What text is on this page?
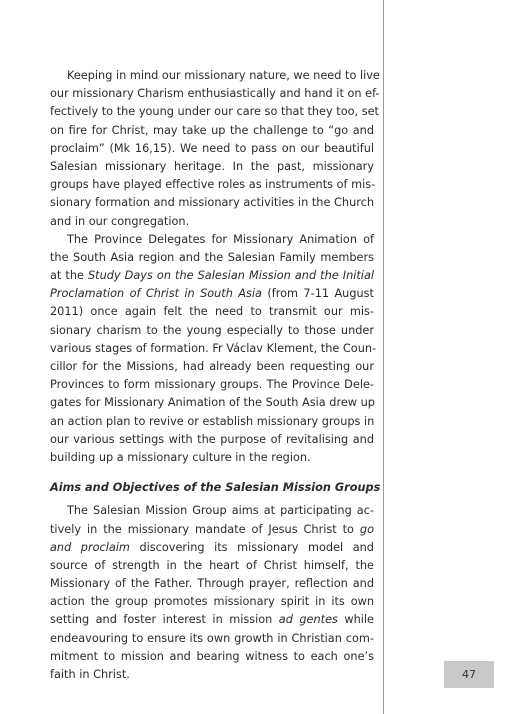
Keeping in mind our missionary nature, we need to live
our missionary Charism enthusiastically and hand it on ef-
fectively to the young under our care so that they too, set
on fire for Christ, may take up the challenge to “go and
proclaim” (Mk 16,15). We need to pass on our beautiful
Salesian missionary heritage. In the past, missionary
groups have played effective roles as instruments of mis-
sionary formation and missionary activities in the Church
and in our congregation.
The Province Delegates for Missionary Animation of
the South Asia region and the Salesian Family members
at the Study Days on the Salesian Mission and the Initial
Proclamation of Christ in South Asia (from 7-11 August
2011) once again felt the need to transmit our mis-
sionary charism to the young especially to those under
various stages of formation. Fr Václav Klement, the Coun-
cillor for the Missions, had already been requesting our
Provinces to form missionary groups. The Province Dele-
gates for Missionary Animation of the South Asia drew up
an action plan to revive or establish missionary groups in
our various settings with the purpose of revitalising and
building up a missionary culture in the region.
Aims and Objectives of the Salesian Mission Groups
The Salesian Mission Group aims at participating ac-
tively in the missionary mandate of Jesus Christ to go
and proclaim discovering its missionary model and
source of strength in the heart of Christ himself, the
Missionary of the Father. Through prayer, reflection and
action the group promotes missionary spirit in its own
setting and foster interest in mission ad gentes while
endeavouring to ensure its own growth in Christian com-
mitment to mission and bearing witness to each one’s
faith in Christ.	47
